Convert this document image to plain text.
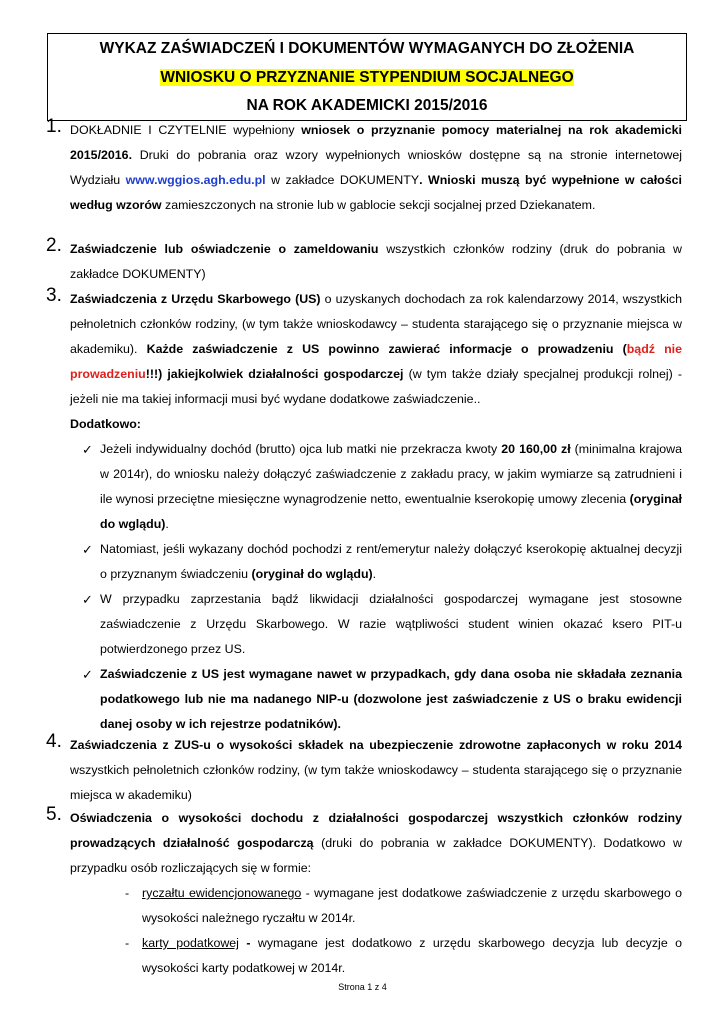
WYKAZ ZAŚWIADCZEŃ I DOKUMENTÓW WYMAGANYCH DO ZŁOŻENIA
WNIOSKU O PRZYZNANIE STYPENDIUM SOCJALNEGO
NA ROK AKADEMICKI 2015/2016
1. DOKŁADNIE I CZYTELNIE wypełniony wniosek o przyznanie pomocy materialnej na rok akademicki 2015/2016. Druki do pobrania oraz wzory wypełnionych wniosków dostępne są na stronie internetowej Wydziału www.wggios.agh.edu.pl w zakładce DOKUMENTY. Wnioski muszą być wypełnione w całości według wzorów zamieszczonych na stronie lub w gablocie sekcji socjalnej przed Dziekanatem.
2. Zaświadczenie lub oświadczenie o zameldowaniu wszystkich członków rodziny (druk do pobrania w zakładce DOKUMENTY)
3. Zaświadczenia z Urzędu Skarbowego (US) o uzyskanych dochodach za rok kalendarzowy 2014, wszystkich pełnoletnich członków rodziny, (w tym także wnioskodawcy – studenta starającego się o przyznanie miejsca w akademiku). Każde zaświadczenie z US powinno zawierać informacje o prowadzeniu (bądź nie prowadzeniu!!!) jakiejkolwiek działalności gospodarczej (w tym także działy specjalnej produkcji rolnej) - jeżeli nie ma takiej informacji musi być wydane dodatkowe zaświadczenie..
Dodatkowo:
✓ Jeżeli indywidualny dochód (brutto) ojca lub matki nie przekracza kwoty 20 160,00 zł (minimalna krajowa w 2014r), do wniosku należy dołączyć zaświadczenie z zakładu pracy, w jakim wymiarze są zatrudnieni i ile wynosi przeciętne miesięczne wynagrodzenie netto, ewentualnie kserokopię umowy zlecenia (oryginał do wglądu).
✓ Natomiast, jeśli wykazany dochód pochodzi z rent/emerytur należy dołączyć kserokopię aktualnej decyzji o przyznanym świadczeniu (oryginał do wglądu).
✓ W przypadku zaprzestania bądź likwidacji działalności gospodarczej wymagane jest stosowne zaświadczenie z Urzędu Skarbowego. W razie wątpliwości student winien okazać ksero PIT-u potwierdzonego przez US.
✓ Zaświadczenie z US jest wymagane nawet w przypadkach, gdy dana osoba nie składała zeznania podatkowego lub nie ma nadanego NIP-u (dozwolone jest zaświadczenie z US o braku ewidencji danej osoby w ich rejestrze podatników).
4. Zaświadczenia z ZUS-u o wysokości składek na ubezpieczenie zdrowotne zapłaconych w roku 2014 wszystkich pełnoletnich członków rodziny, (w tym także wnioskodawcy – studenta starającego się o przyznanie miejsca w akademiku)
5. Oświadczenia o wysokości dochodu z działalności gospodarczej wszystkich członków rodziny prowadzących działalność gospodarczą (druki do pobrania w zakładce DOKUMENTY). Dodatkowo w przypadku osób rozliczających się w formie:
- ryczałtu ewidencjonowanego - wymagane jest dodatkowe zaświadczenie z urzędu skarbowego o wysokości należnego ryczałtu w 2014r.
- karty podatkowej - wymagane jest dodatkowo z urzędu skarbowego decyzja lub decyzje o wysokości karty podatkowej w 2014r.
Strona 1 z 4
